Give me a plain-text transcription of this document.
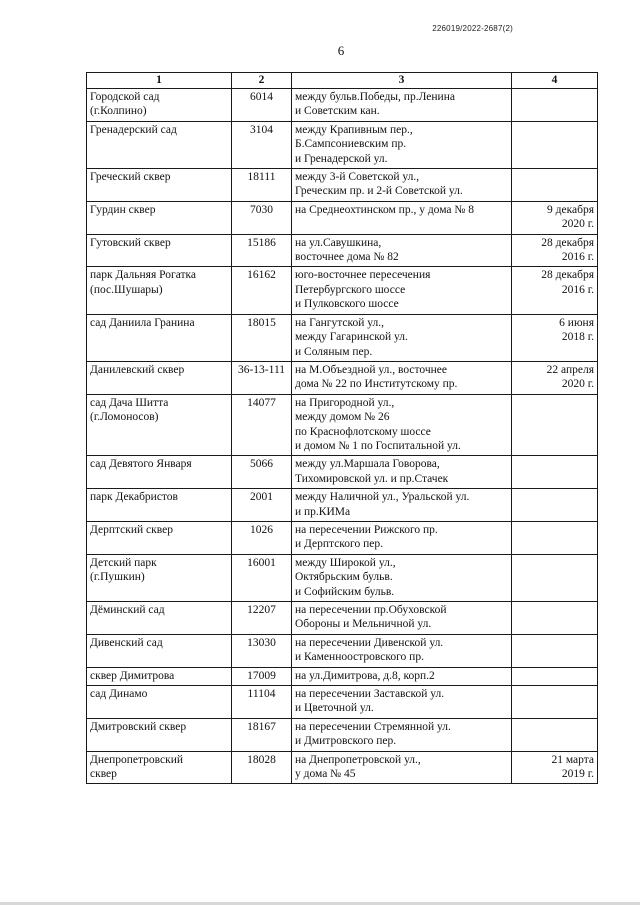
226019/2022-2687(2)
6
1	2	3	4

Городской сад
(г.Колпино)	6014	между бульв.Победы, пр.Ленина
и Советским кан.	

Гренадерский сад	3104	между Крапивным пер.,
Б.Сампсониевским пр.
и Гренадерской ул.	

Греческий сквер	18111	между 3-й Советской ул.,
Греческим пр. и 2-й Советской ул.	

Гурдин сквер	7030	на Среднеохтинском пр., у дома № 8	9 декабря
2020 г.

Гутовский сквер	15186	на ул.Савушкина,
восточнее дома № 82	28 декабря
2016 г.

парк Дальняя Рогатка
(пос.Шушары)	16162	юго-восточнее пересечения
Петербургского шоссе
и Пулковского шоссе	28 декабря
2016 г.

сад Даниила Гранина	18015	на Гангутской ул.,
между Гагаринской ул.
и Соляным пер.	6 июня
2018 г.

Данилевский сквер	36-13-111	на М.Объездной ул., восточнее
дома № 22 по Институтскому пр.	22 апреля
2020 г.

сад Дача Шитта
(г.Ломоносов)	14077	на Пригородной ул.,
между домом № 26
по Краснофлотскому шоссе
и домом № 1 по Госпитальной ул.	

сад Девятого Января	5066	между ул.Маршала Говорова,
Тихомировской ул. и пр.Стачек	

парк Декабристов	2001	между Наличной ул., Уральской ул.
и пр.КИМа	

Дерптский сквер	1026	на пересечении Рижского пр.
и Дерптского пер.	

Детский парк
(г.Пушкин)	16001	между Широкой ул.,
Октябрьским бульв.
и Софийским бульв.	

Дёминский сад	12207	на пересечении пр.Обуховской
Обороны и Мельничной ул.	

Дивенский сад	13030	на пересечении Дивенской ул.
и Каменноостровского пр.	

сквер Димитрова	17009	на ул.Димитрова, д.8, корп.2	

сад Динамо	11104	на пересечении Заставской ул.
и Цветочной ул.	

Дмитровский сквер	18167	на пересечении Стремянной ул.
и Дмитровского пер.	

Днепропетровский
сквер	18028	на Днепропетровской ул.,
у дома № 45	21 марта
2019 г.
